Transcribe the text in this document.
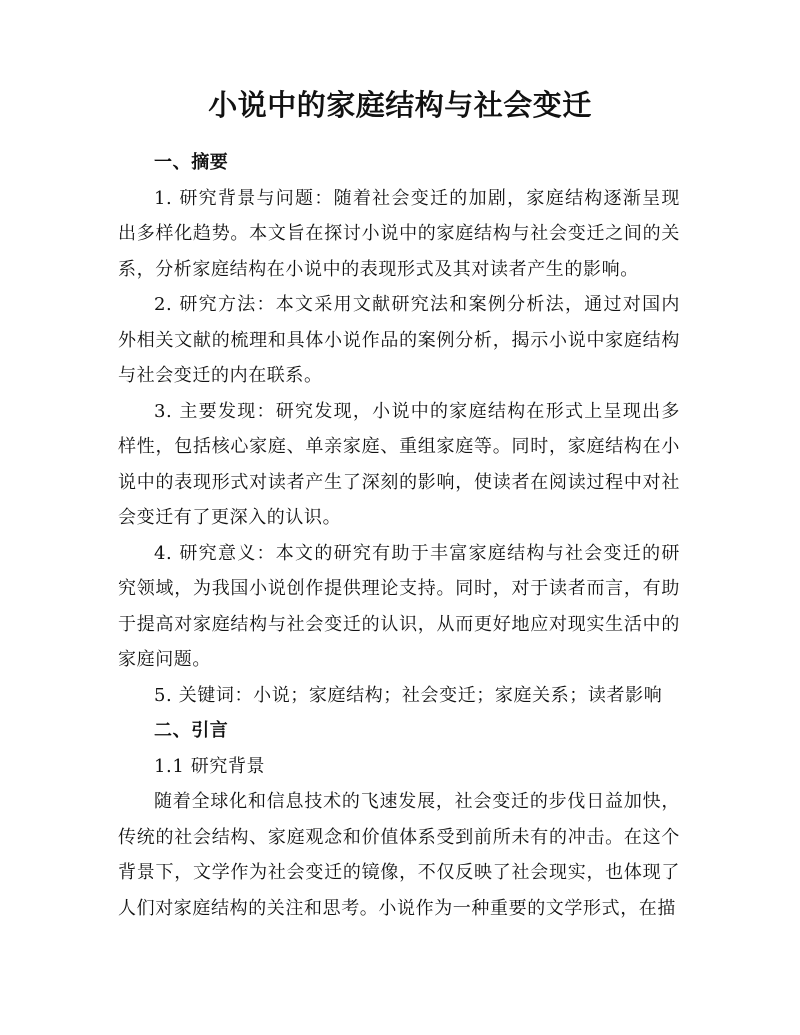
小说中的家庭结构与社会变迁
一、摘要

1. 研究背景与问题：随着社会变迁的加剧，家庭结构逐渐呈现出多样化趋势。本文旨在探讨小说中的家庭结构与社会变迁之间的关系，分析家庭结构在小说中的表现形式及其对读者产生的影响。

2. 研究方法：本文采用文献研究法和案例分析法，通过对国内外相关文献的梳理和具体小说作品的案例分析，揭示小说中家庭结构与社会变迁的内在联系。

3. 主要发现：研究发现，小说中的家庭结构在形式上呈现出多样性，包括核心家庭、单亲家庭、重组家庭等。同时，家庭结构在小说中的表现形式对读者产生了深刻的影响，使读者在阅读过程中对社会变迁有了更深入的认识。

4. 研究意义：本文的研究有助于丰富家庭结构与社会变迁的研究领域，为我国小说创作提供理论支持。同时，对于读者而言，有助于提高对家庭结构与社会变迁的认识，从而更好地应对现实生活中的家庭问题。

5. 关键词：小说；家庭结构；社会变迁；家庭关系；读者影响

二、引言

1.1 研究背景

随着全球化和信息技术的飞速发展，社会变迁的步伐日益加快，传统的社会结构、家庭观念和价值体系受到前所未有的冲击。在这个背景下，文学作为社会变迁的镜像，不仅反映了社会现实，也体现了人们对家庭结构的关注和思考。小说作为一种重要的文学形式，在描
